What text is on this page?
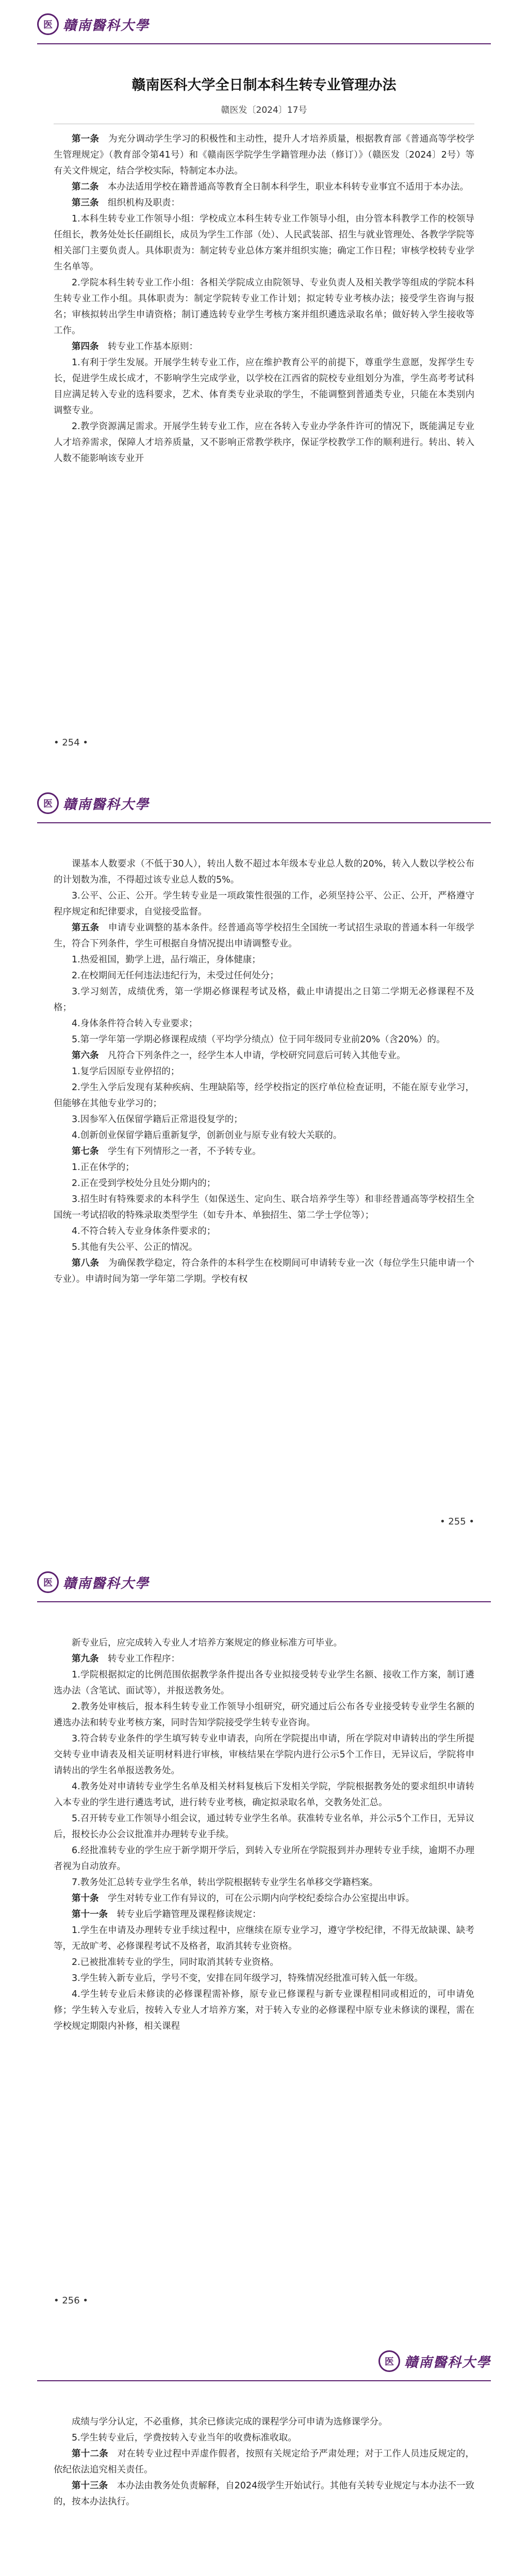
医 贛南醫科大學
赣南医科大学全日制本科生转专业管理办法
赣医发〔2024〕17号

第一条　 为充分调动学生学习的积极性和主动性，提升人才培养质量，根据教育部《普通高等学校学生管理规定》（教育部令第41号）和《赣南医学院学生学籍管理办法（修订）》（赣医发〔2024〕2号）等有关文件规定，结合学校实际，特制定本办法。

第二条　 本办法适用学校在籍普通高等教育全日制本科学生，职业本科转专业事宜不适用于本办法。

第三条　 组织机构及职责：

1.本科生转专业工作领导小组：学校成立本科生转专业工作领导小组，由分管本科教学工作的校领导任组长，教务处处长任副组长，成员为学生工作部（处）、人民武装部、招生与就业管理处、各教学学院等相关部门主要负责人。具体职责为：制定转专业总体方案并组织实施；确定工作日程；审核学校转专业学生名单等。

2.学院本科生转专业工作小组：各相关学院成立由院领导、专业负责人及相关教学等组成的学院本科生转专业工作小组。具体职责为：制定学院转专业工作计划；拟定转专业考核办法；接受学生咨询与报名；审核拟转出学生申请资格；制订遴选转专业学生考核方案并组织遴选录取名单；做好转入学生接收等工作。

第四条　 转专业工作基本原则：

1.有利于学生发展。开展学生转专业工作，应在维护教育公平的前提下，尊重学生意愿，发挥学生专长，促进学生成长成才，不影响学生完成学业，以学校在江西省的院校专业组划分为准，学生高考考试科目应满足转入专业的选科要求，艺术、体育类专业录取的学生，不能调整到普通类专业，只能在本类别内调整专业。

2.教学资源满足需求。开展学生转专业工作，应在各转入专业办学条件许可的情况下，既能满足专业人才培养需求，保障人才培养质量，又不影响正常教学秩序，保证学校教学工作的顺利进行。转出、转入人数不能影响该专业开

• 254 •
医 贛南醫科大學

课基本人数要求（不低于30人），转出人数不超过本年级本专业总人数的20%，转入人数以学校公布的计划数为准，不得超过该专业总人数的5%。

3.公平、公正、公开。学生转专业是一项政策性很强的工作，必须坚持公平、公正、公开，严格遵守程序规定和纪律要求，自觉接受监督。

第五条　 申请专业调整的基本条件。经普通高等学校招生全国统一考试招生录取的普通本科一年级学生，符合下列条件，学生可根据自身情况提出申请调整专业。

1.热爱祖国，勤学上进，品行端正，身体健康；

2.在校期间无任何违法违纪行为，未受过任何处分；

3.学习刻苦，成绩优秀，第一学期必修课程考试及格，截止申请提出之日第二学期无必修课程不及格；

4.身体条件符合转入专业要求；

5.第一学年第一学期必修课程成绩（平均学分绩点）位于同年级同专业前20%（含20%）的。

第六条　 凡符合下列条件之一，经学生本人申请，学校研究同意后可转入其他专业。

1.复学后因原专业停招的；

2.学生入学后发现有某种疾病、生理缺陷等，经学校指定的医疗单位检查证明，不能在原专业学习，但能够在其他专业学习的；

3.因参军入伍保留学籍后正常退役复学的；

4.创新创业保留学籍后重新复学，创新创业与原专业有较大关联的。

第七条　 学生有下列情形之一者，不予转专业。

1.正在休学的；

2.正在受到学校处分且处分期内的；

3.招生时有特殊要求的本科学生（如保送生、定向生、联合培养学生等）和非经普通高等学校招生全国统一考试招收的特殊录取类型学生（如专升本、单独招生、第二学士学位等）；

4.不符合转入专业身体条件要求的；

5.其他有失公平、公正的情况。

第八条　 为确保教学稳定，符合条件的本科学生在校期间可申请转专业一次（每位学生只能申请一个专业）。申请时间为第一学年第二学期。学校有权

• 255 •
医 贛南醫科大學

新专业后，应完成转入专业人才培养方案规定的修业标准方可毕业。

第九条　 转专业工作程序：

1.学院根据拟定的比例范围依据教学条件提出各专业拟接受转专业学生名额、接收工作方案，制订遴选办法（含笔试、面试等），并报送教务处。

2.教务处审核后，报本科生转专业工作领导小组研究，研究通过后公布各专业接受转专业学生名额的遴选办法和转专业考核方案，同时告知学院接受学生转专业咨询。

3.符合转专业条件的学生填写转专业申请表，向所在学院提出申请，所在学院对申请转出的学生所提交转专业申请表及相关证明材料进行审核，审核结果在学院内进行公示5个工作日，无异议后，学院将申请转出的学生名单报送教务处。

4.教务处对申请转专业学生名单及相关材料复核后下发相关学院，学院根据教务处的要求组织申请转入本专业的学生进行遴选考试，进行转专业考核，确定拟录取名单，交教务处汇总。

5.召开转专业工作领导小组会议，通过转专业学生名单。获准转专业名单，并公示5个工作日，无异议后，报校长办公会议批准并办理转专业手续。

6.经批准转专业的学生应于新学期开学后，到转入专业所在学院报到并办理转专业手续，逾期不办理者视为自动放弃。

7.教务处汇总转专业学生名单，转出学院根据转专业学生名单移交学籍档案。

第十条　 学生对转专业工作有异议的，可在公示期内向学校纪委综合办公室提出申诉。

第十一条　 转专业后学籍管理及课程修读规定：

1.学生在申请及办理转专业手续过程中，应继续在原专业学习，遵守学校纪律，不得无故缺课、缺考等，无故旷考、必修课程考试不及格者，取消其转专业资格。

2.已被批准转专业的学生，同时取消其转专业资格。

3.学生转入新专业后，学号不变，安排在同年级学习，特殊情况经批准可转入低一年级。

4.学生转专业后未修读的必修课程需补修，原专业已修课程与新专业课程相同或相近的，可申请免修；学生转入专业后，按转入专业人才培养方案，对于转入专业的必修课程中原专业未修读的课程，需在学校规定期限内补修，相关课程

• 256 •
医 贛南醫科大學

成绩与学分认定，不必重修，其余已修读完成的课程学分可申请为选修课学分。

5.学生转专业后，学费按转入专业当年的收费标准收取。

第十二条　 对在转专业过程中弄虚作假者，按照有关规定给予严肃处理；对于工作人员违反规定的，依纪依法追究相关责任。

第十三条　 本办法由教务处负责解释，自2024级学生开始试行。其他有关转专业规定与本办法不一致的，按本办法执行。
